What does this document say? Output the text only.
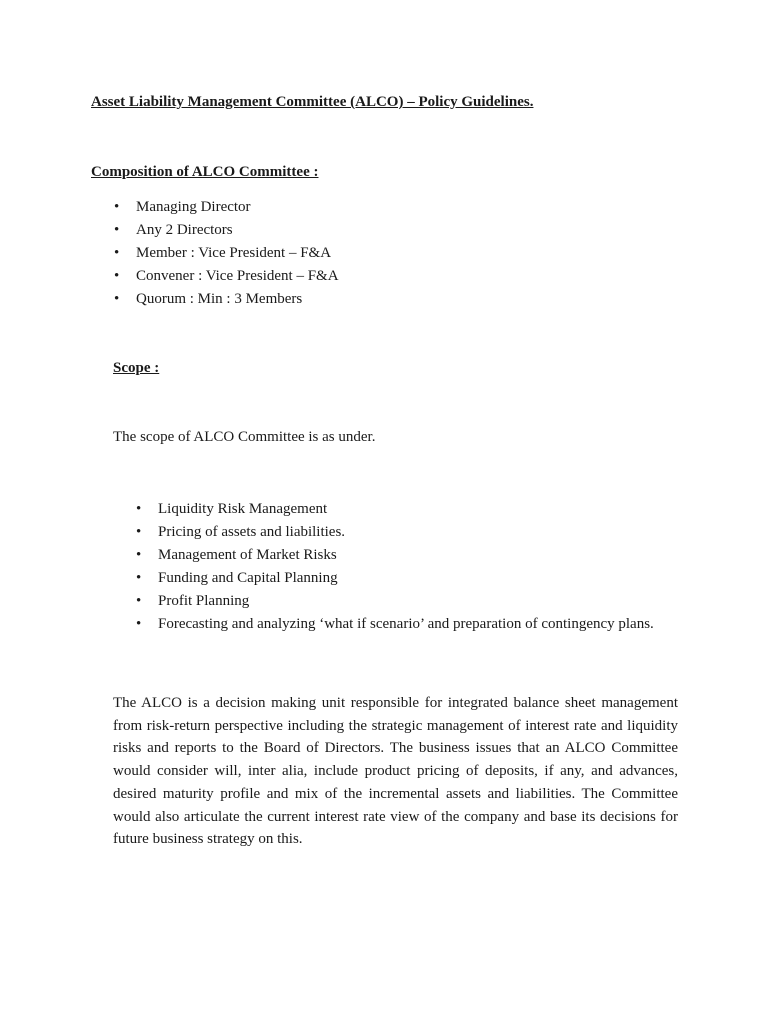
Asset Liability Management Committee (ALCO) – Policy Guidelines.

Composition of ALCO Committee :

• Managing Director
• Any 2 Directors
• Member : Vice President – F&A
• Convener : Vice President – F&A
• Quorum : Min : 3 Members

Scope :

The scope of ALCO Committee is as under.

• Liquidity Risk Management
• Pricing of assets and liabilities.
• Management of Market Risks
• Funding and Capital Planning
• Profit Planning
• Forecasting and analyzing ‘what if scenario’ and preparation of contingency plans.

The ALCO is a decision making unit responsible for integrated balance sheet management from risk-return perspective including the strategic management of interest rate and liquidity risks and reports to the Board of Directors. The business issues that an ALCO Committee would consider will, inter alia, include product pricing of deposits, if any, and advances, desired maturity profile and mix of the incremental assets and liabilities. The Committee would also articulate the current interest rate view of the company and base its decisions for future business strategy on this.
